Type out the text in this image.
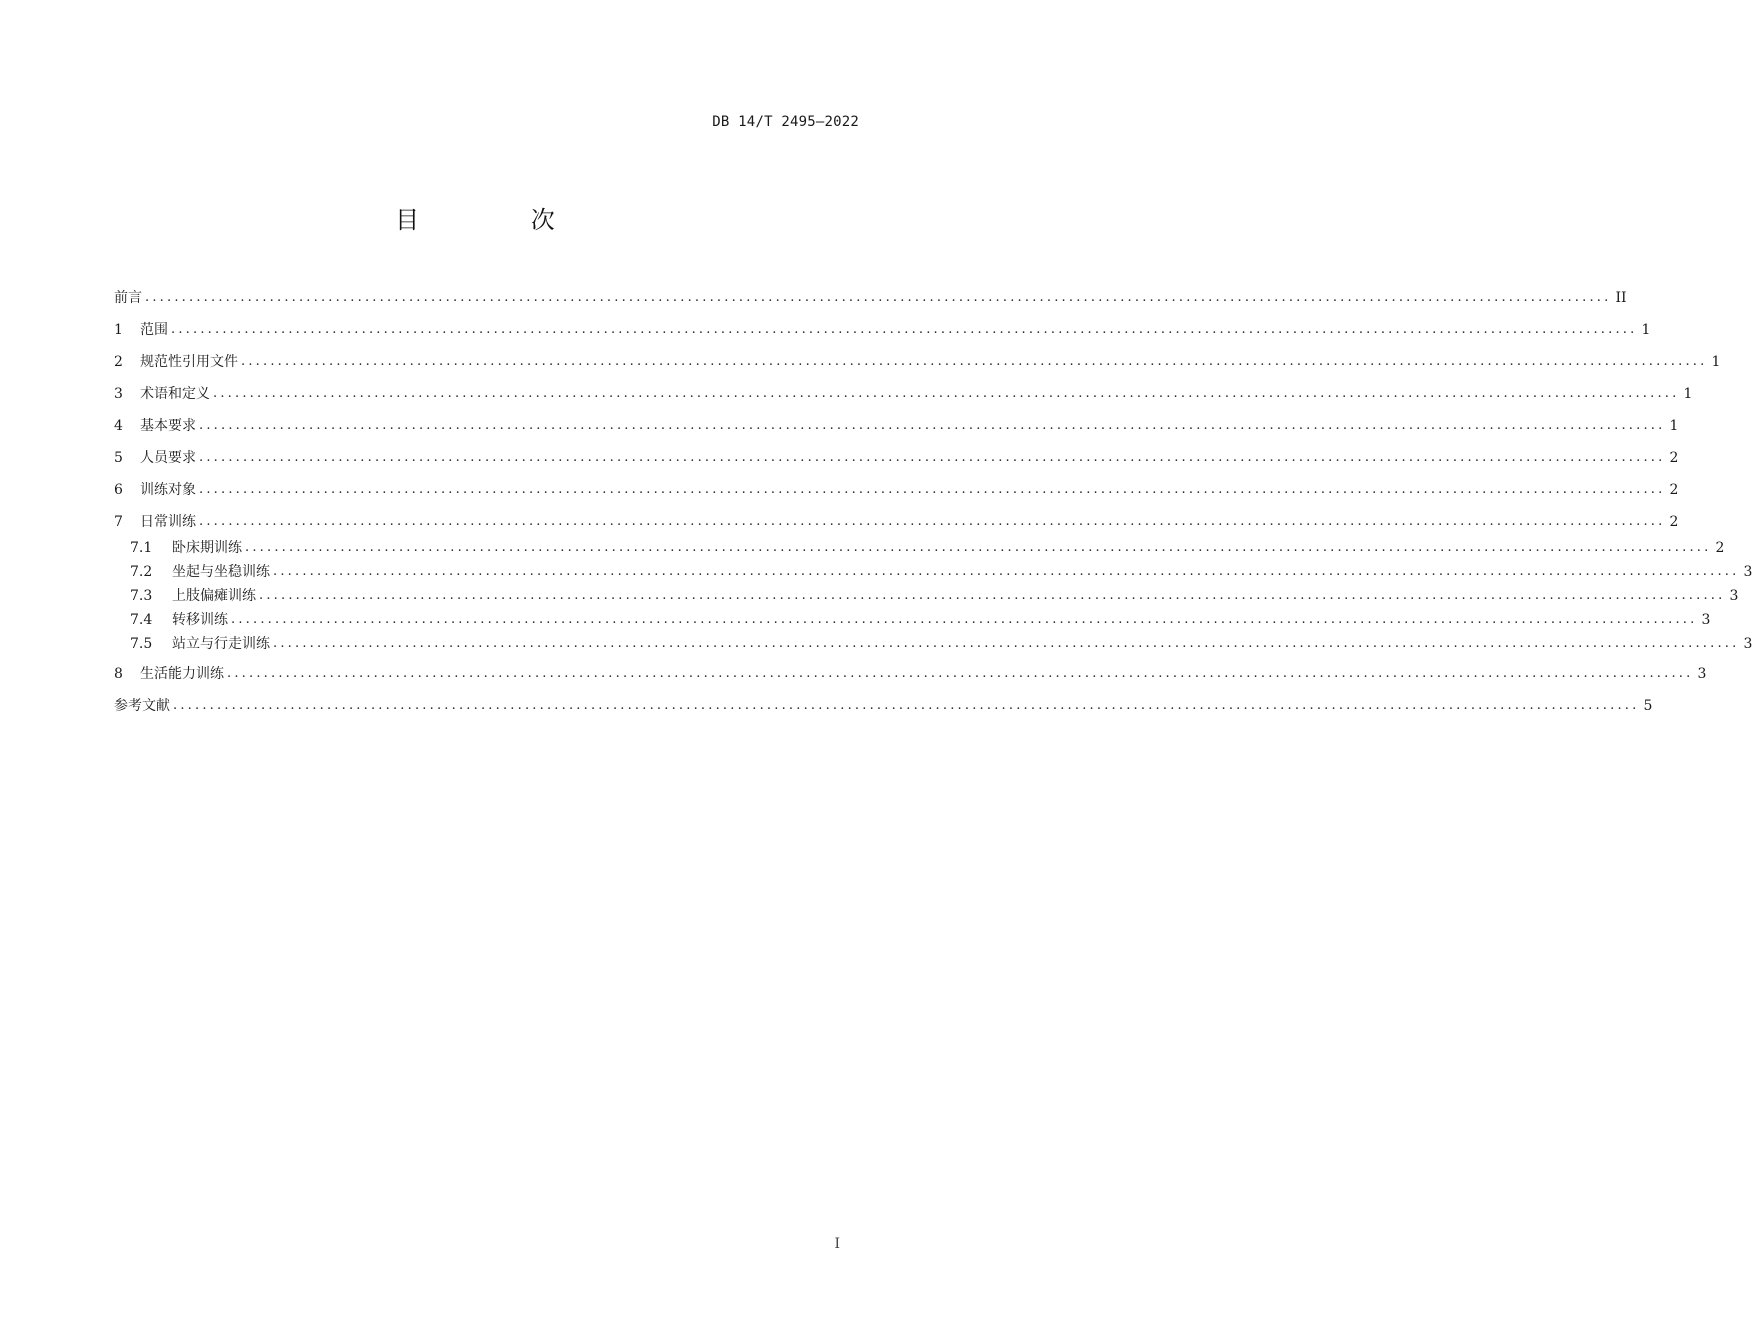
DB 14/T 2495—2022
目 次
前言 ........................................................................................................................................................................................................ II
1	范围 ........................................................................................................................................................................................................ 1
2	规范性引用文件 ........................................................................................................................................................................................................ 1
3	术语和定义 ........................................................................................................................................................................................................ 1
4	基本要求 ........................................................................................................................................................................................................ 1
5	人员要求 ........................................................................................................................................................................................................ 2
6	训练对象 ........................................................................................................................................................................................................ 2
7	日常训练 ........................................................................................................................................................................................................ 2
7.1	卧床期训练 ........................................................................................................................................................................................................ 2
7.2	坐起与坐稳训练 ........................................................................................................................................................................................................ 3
7.3	上肢偏瘫训练 ........................................................................................................................................................................................................ 3
7.4	转移训练 ........................................................................................................................................................................................................ 3
7.5	站立与行走训练 ........................................................................................................................................................................................................ 3
8	生活能力训练 ........................................................................................................................................................................................................ 3
参考文献 ........................................................................................................................................................................................................ 5
I
